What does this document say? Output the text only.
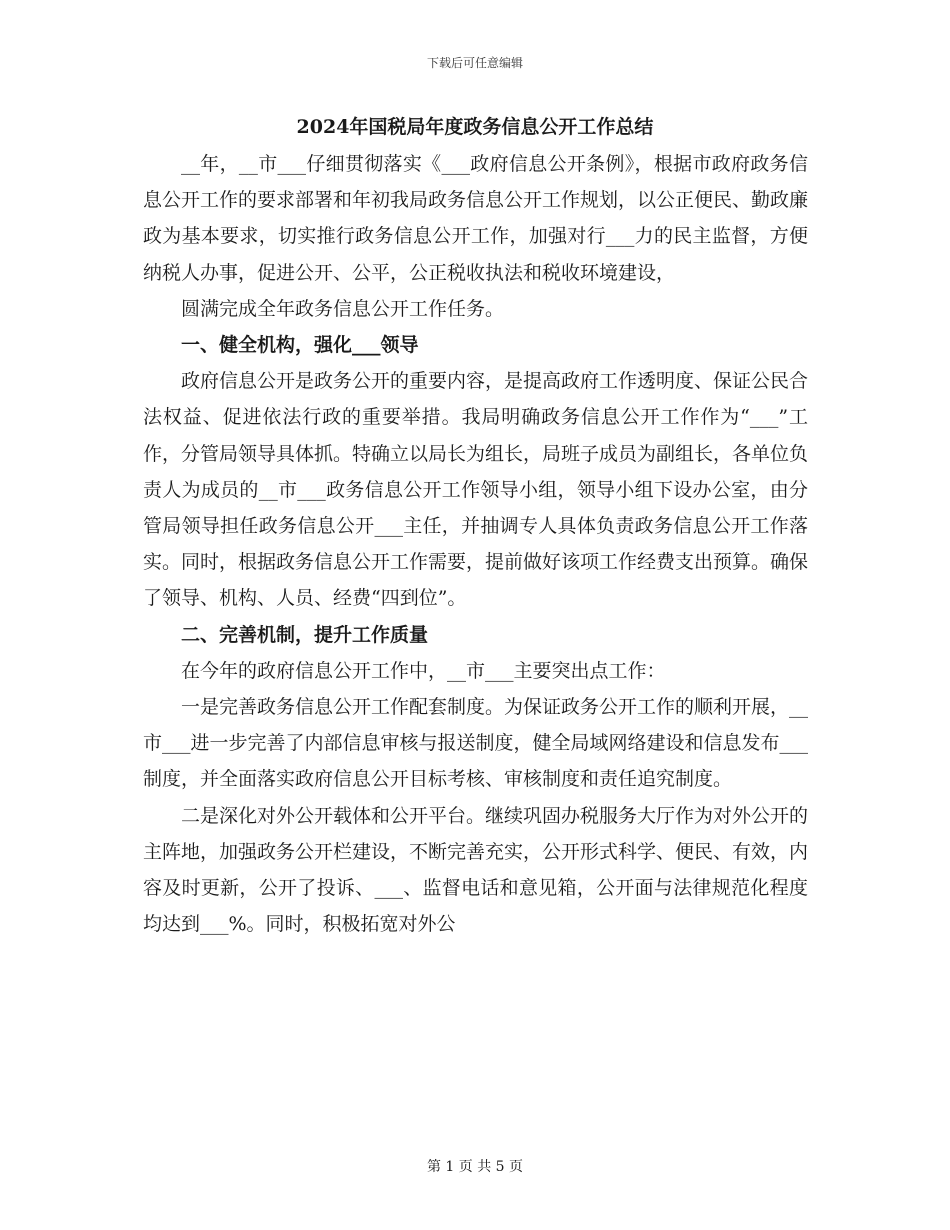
下载后可任意编辑
2024年国税局年度政务信息公开工作总结

__年，__市___仔细贯彻落实《___政府信息公开条例》，根据市政府政务信息公开工作的要求部署和年初我局政务信息公开工作规划，以公正便民、勤政廉政为基本要求，切实推行政务信息公开工作，加强对行___力的民主监督，方便纳税人办事，促进公开、公平，公正税收执法和税收环境建设，

圆满完成全年政务信息公开工作任务。

一、健全机构，强化___领导

政府信息公开是政务公开的重要内容，是提高政府工作透明度、保证公民合法权益、促进依法行政的重要举措。我局明确政务信息公开工作作为“___”工作，分管局领导具体抓。特确立以局长为组长，局班子成员为副组长，各单位负责人为成员的__市___政务信息公开工作领导小组，领导小组下设办公室，由分管局领导担任政务信息公开___主任，并抽调专人具体负责政务信息公开工作落实。同时，根据政务信息公开工作需要，提前做好该项工作经费支出预算。确保了领导、机构、人员、经费“四到位”。

二、完善机制，提升工作质量

在今年的政府信息公开工作中，__市___主要突出点工作：

一是完善政务信息公开工作配套制度。为保证政务公开工作的顺利开展，__市___进一步完善了内部信息审核与报送制度，健全局域网络建设和信息发布___制度，并全面落实政府信息公开目标考核、审核制度和责任追究制度。

二是深化对外公开载体和公开平台。继续巩固办税服务大厅作为对外公开的主阵地，加强政务公开栏建设，不断完善充实，公开形式科学、便民、有效，内容及时更新，公开了投诉、___、监督电话和意见箱，公开面与法律规范化程度均达到___%。同时，积极拓宽对外公

第 1 页 共 5 页
